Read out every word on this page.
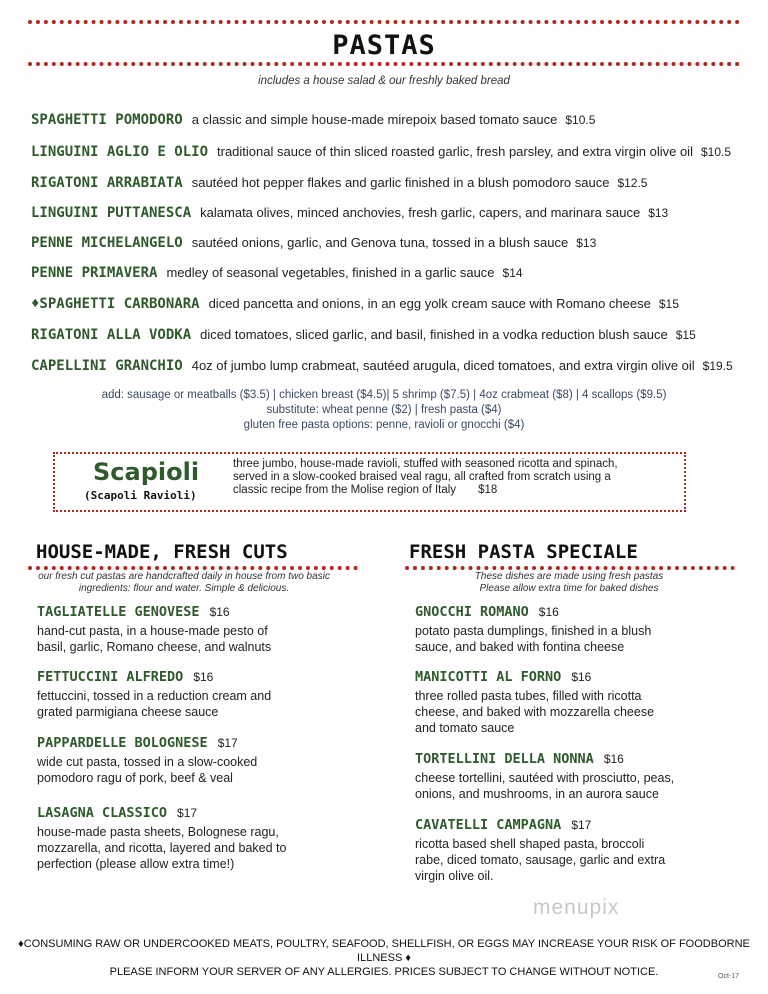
PASTAS
includes a house salad & our freshly baked bread
SPAGHETTI POMODORO a classic and simple house-made mirepoix based tomato sauce $10.5
LINGUINI AGLIO E OLIO traditional sauce of thin sliced roasted garlic, fresh parsley, and extra virgin olive oil $10.5
RIGATONI ARRABIATA sautéed hot pepper flakes and garlic finished in a blush pomodoro sauce $12.5
LINGUINI PUTTANESCA kalamata olives, minced anchovies, fresh garlic, capers, and marinara sauce $13
PENNE MICHELANGELO sautéed onions, garlic, and Genova tuna, tossed in a blush sauce $13
PENNE PRIMAVERA medley of seasonal vegetables, finished in a garlic sauce $14
♦SPAGHETTI CARBONARA diced pancetta and onions, in an egg yolk cream sauce with Romano cheese $15
RIGATONI ALLA VODKA diced tomatoes, sliced garlic, and basil, finished in a vodka reduction blush sauce $15
CAPELLINI GRANCHIO 4oz of jumbo lump crabmeat, sautéed arugula, diced tomatoes, and extra virgin olive oil $19.5
add: sausage or meatballs ($3.5) | chicken breast ($4.5)| 5 shrimp ($7.5) | 4oz crabmeat ($8) | 4 scallops ($9.5)
substitute: wheat penne ($2) | fresh pasta ($4)
gluten free pasta options: penne, ravioli or gnocchi ($4)
Scapioli
(Scapoli Ravioli)
three jumbo, house-made ravioli, stuffed with seasoned ricotta and spinach,
served in a slow-cooked braised veal ragu, all crafted from scratch using a
classic recipe from the Molise region of Italy $18
HOUSE-MADE, FRESH CUTS
our fresh cut pastas are handcrafted daily in house from two basic
ingredients: flour and water. Simple & delicious.
TAGLIATELLE GENOVESE $16
hand-cut pasta, in a house-made pesto of
basil, garlic, Romano cheese, and walnuts
FETTUCCINI ALFREDO $16
fettuccini, tossed in a reduction cream and
grated parmigiana cheese sauce
PAPPARDELLE BOLOGNESE $17
wide cut pasta, tossed in a slow-cooked
pomodoro ragu of pork, beef & veal
LASAGNA CLASSICO $17
house-made pasta sheets, Bolognese ragu,
mozzarella, and ricotta, layered and baked to
perfection (please allow extra time!)
FRESH PASTA SPECIALE
These dishes are made using fresh pastas
Please allow extra time for baked dishes
GNOCCHI ROMANO $16
potato pasta dumplings, finished in a blush
sauce, and baked with fontina cheese
MANICOTTI AL FORNO $16
three rolled pasta tubes, filled with ricotta
cheese, and baked with mozzarella cheese
and tomato sauce
TORTELLINI DELLA NONNA $16
cheese tortellini, sautéed with prosciutto, peas,
onions, and mushrooms, in an aurora sauce
CAVATELLI CAMPAGNA $17
ricotta based shell shaped pasta, broccoli
rabe, diced tomato, sausage, garlic and extra
virgin olive oil.
menupix
♦CONSUMING RAW OR UNDERCOOKED MEATS, POULTRY, SEAFOOD, SHELLFISH, OR EGGS MAY INCREASE YOUR RISK OF FOODBORNE ILLNESS ♦
PLEASE INFORM YOUR SERVER OF ANY ALLERGIES. PRICES SUBJECT TO CHANGE WITHOUT NOTICE.	Oct-17
